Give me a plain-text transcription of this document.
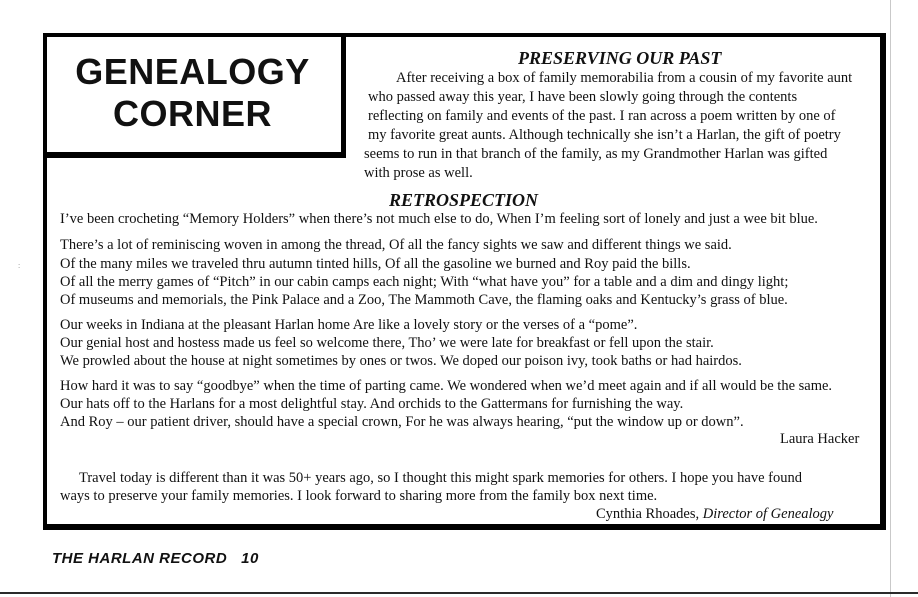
:
GENEALOGY
CORNER
PRESERVING OUR PAST
After receiving a box of family memorabilia from a cousin of my favorite aunt
who passed away this year, I have been slowly going through the contents
reflecting on family and events of the past. I ran across a poem written by one of
my favorite great aunts. Although technically she isn’t a Harlan, the gift of poetry
seems to run in that branch of the family, as my Grandmother Harlan was gifted
with prose as well.
RETROSPECTION
I’ve been crocheting “Memory Holders” when there’s not much else to do, When I’m feeling sort of lonely and just a wee bit blue.
There’s a lot of reminiscing woven in among the thread, Of all the fancy sights we saw and different things we said.
Of the many miles we traveled thru autumn tinted hills, Of all the gasoline we burned and Roy paid the bills.
Of all the merry games of “Pitch” in our cabin camps each night; With “what have you” for a table and a dim and dingy light;
Of museums and memorials, the Pink Palace and a Zoo, The Mammoth Cave, the flaming oaks and Kentucky’s grass of blue.
Our weeks in Indiana at the pleasant Harlan home Are like a lovely story or the verses of a “pome”.
Our genial host and hostess made us feel so welcome there, Tho’ we were late for breakfast or fell upon the stair.
We prowled about the house at night sometimes by ones or twos. We doped our poison ivy, took baths or had hairdos.
How hard it was to say “goodbye” when the time of parting came. We wondered when we’d meet again and if all would be the same.
Our hats off to the Harlans for a most delightful stay. And orchids to the Gattermans for furnishing the way.
And Roy – our patient driver, should have a special crown, For he was always hearing, “put the window up or down”.
Laura Hacker
Travel today is different than it was 50+ years ago, so I thought this might spark memories for others. I hope you have found
ways to preserve your family memories. I look forward to sharing more from the family box next time.
Cynthia Rhoades, Director of Genealogy
THE HARLAN RECORD 10
